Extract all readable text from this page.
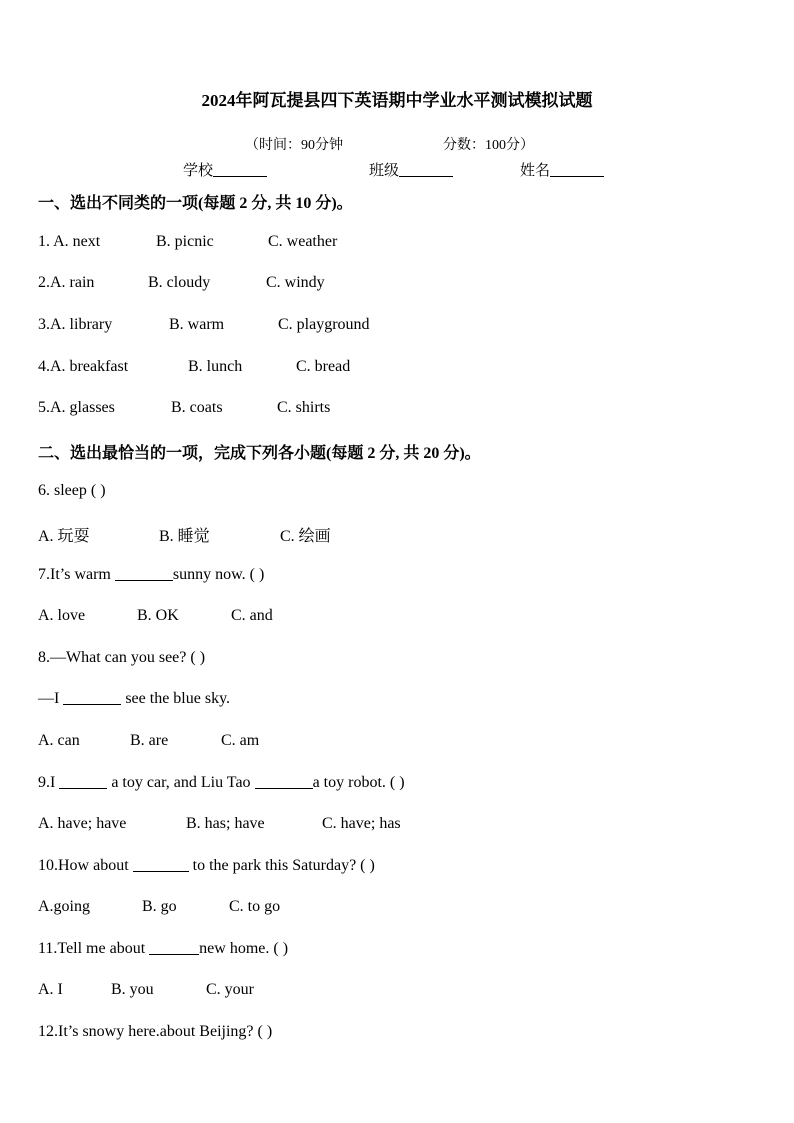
2024年阿瓦提县四下英语期中学业水平测试模拟试题

（时间：90分钟	分数：100分）

学校	班级	姓名
一、选出不同类的一项(每题 2 分, 共 10 分)。
1. A. next	B. picnic	C. weather
2.A. rain	B. cloudy	C. windy
3.A. library	B. warm	C. playground
4.A. breakfast	B. lunch	C. bread
5.A. glasses	B. coats	C. shirts
二、选出最恰当的一项，完成下列各小题(每题 2 分, 共 20 分)。
6. sleep ( )
A. 玩耍	B. 睡觉	C. 绘画
7.It’s warm	sunny now. ( )
A. love	B. OK	C. and
8.—What can you see? ( )
—I	see the blue sky.
A. can	B. are	C. am
9.I	a toy car, and Liu Tao	a toy robot. ( )
A. have; have	B. has; have	C. have; has
10.How about	to the park this Saturday? ( )
A.going	B. go	C. to go
11.Tell me about	new home. ( )
A. I	B. you	C. your
12.It’s snowy here.about Beijing? ( )
